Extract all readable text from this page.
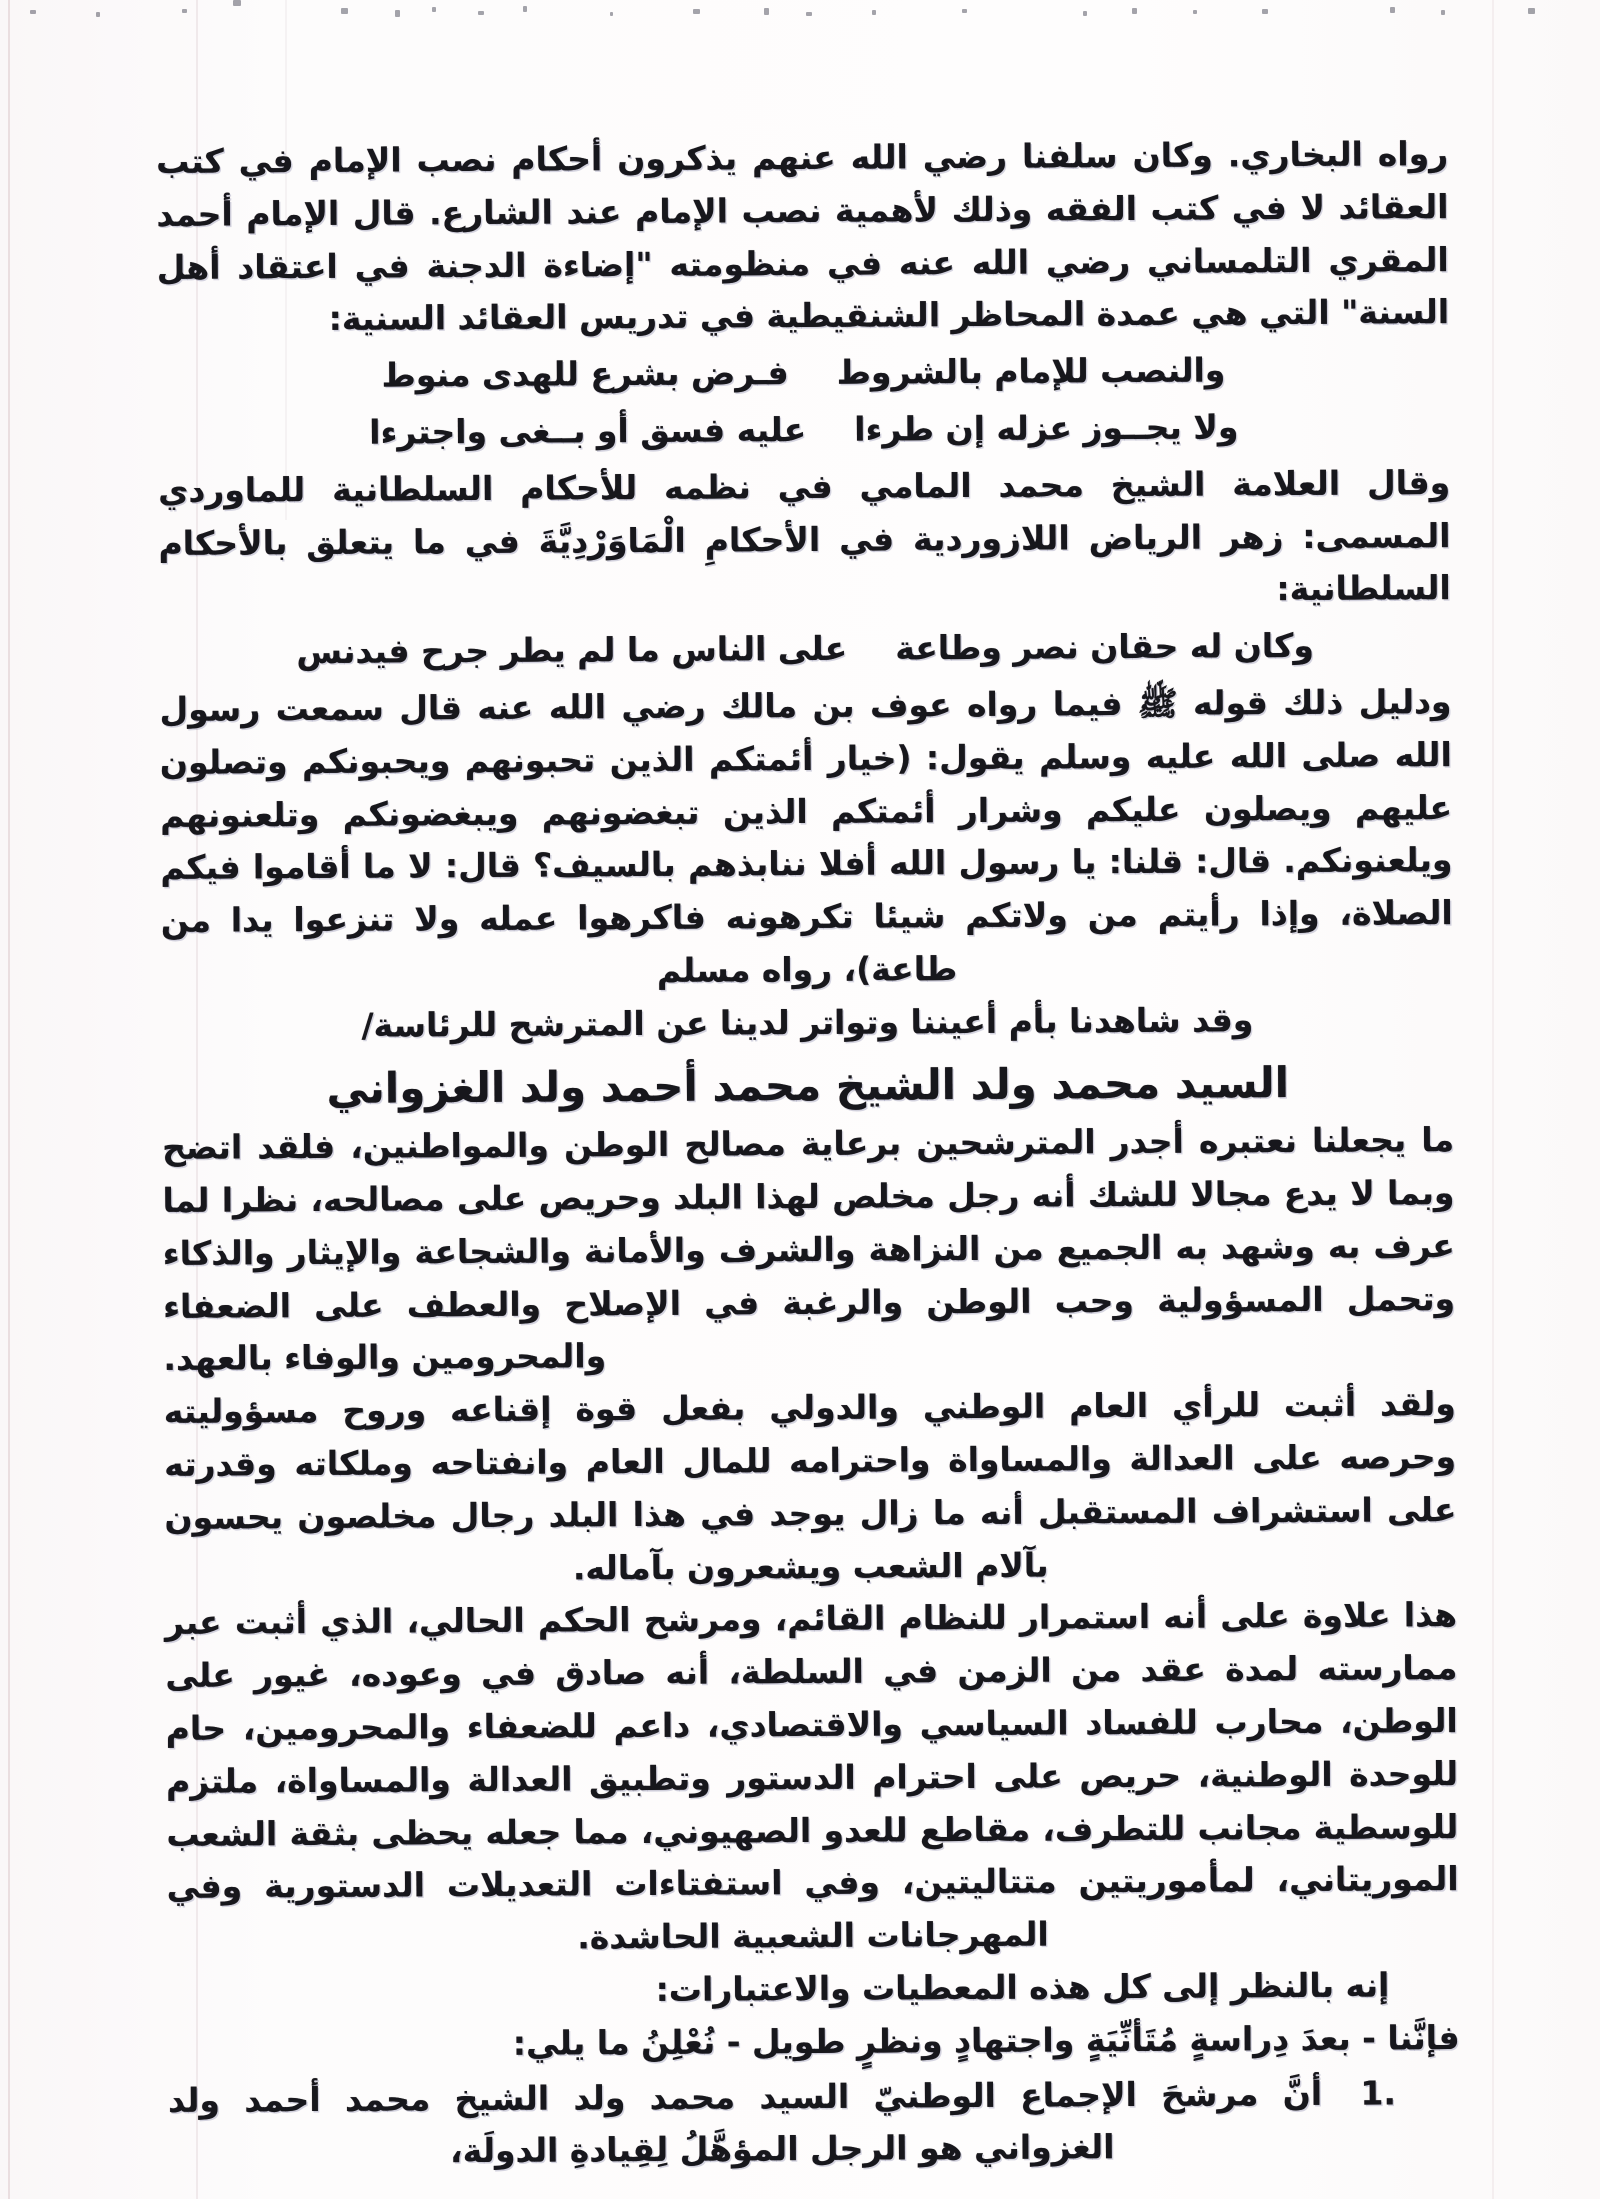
رواه البخاري. وكان سلفنا رضي الله عنهم يذكرون أحكام نصب الإمام في كتب العقائد لا في كتب الفقه وذلك لأهمية نصب الإمام عند الشارع. قال الإمام أحمد المقري التلمساني رضي الله عنه في منظومته "إضاءة الدجنة في اعتقاد أهل السنة" التي هي عمدة المحاظر الشنقيطية في تدريس العقائد السنية:

والنصب للإمام بالشروط
فـرض بشرع للهدى منوط
ولا يجــوز عزله إن طرءا
عليه فسق أو بــغى واجترءا

وقال العلامة الشيخ محمد المامي في نظمه للأحكام السلطانية للماوردي المسمى: زهر الرياض اللازوردية في الأحكامِ الْمَاوَرْدِيَّةَ في ما يتعلق بالأحكام السلطانية:

وكان له حقان نصر وطاعة
على الناس ما لم يطر جرح فيدنس

ودليل ذلك قوله ﷺ فيما رواه عوف بن مالك رضي الله عنه قال سمعت رسول الله صلى الله عليه وسلم يقول: (خيار أئمتكم الذين تحبونهم ويحبونكم وتصلون عليهم ويصلون عليكم وشرار أئمتكم الذين تبغضونهم ويبغضونكم وتلعنونهم ويلعنونكم. قال: قلنا: يا رسول الله أفلا ننابذهم بالسيف؟ قال: لا ما أقاموا فيكم الصلاة، وإذا رأيتم من ولاتكم شيئا تكرهونه فاكرهوا عمله ولا تنزعوا يدا من طاعة)، رواه مسلم

وقد شاهدنا بأم أعيننا وتواتر لدينا عن المترشح للرئاسة/

السيد محمد ولد الشيخ محمد أحمد ولد الغزواني

ما يجعلنا نعتبره أجدر المترشحين برعاية مصالح الوطن والمواطنين، فلقد اتضح وبما لا يدع مجالا للشك أنه رجل مخلص لهذا البلد وحريص على مصالحه، نظرا لما عرف به وشهد به الجميع من النزاهة والشرف والأمانة والشجاعة والإيثار والذكاء وتحمل المسؤولية وحب الوطن والرغبة في الإصلاح والعطف على الضعفاء والمحرومين والوفاء بالعهد.

ولقد أثبت للرأي العام الوطني والدولي بفعل قوة إقناعه وروح مسؤوليته وحرصه على العدالة والمساواة واحترامه للمال العام وانفتاحه وملكاته وقدرته على استشراف المستقبل أنه ما زال يوجد في هذا البلد رجال مخلصون يحسون بآلام الشعب ويشعرون بآماله.

هذا علاوة على أنه استمرار للنظام القائم، ومرشح الحكم الحالي، الذي أثبت عبر ممارسته لمدة عقد من الزمن في السلطة، أنه صادق في وعوده، غيور على الوطن، محارب للفساد السياسي والاقتصادي، داعم للضعفاء والمحرومين، حام للوحدة الوطنية، حريص على احترام الدستور وتطبيق العدالة والمساواة، ملتزم للوسطية مجانب للتطرف، مقاطع للعدو الصهيوني، مما جعله يحظى بثقة الشعب الموريتاني، لمأموريتين متتاليتين، وفي استفتاءات التعديلات الدستورية وفي المهرجانات الشعبية الحاشدة.

إنه بالنظر إلى كل هذه المعطيات والاعتبارات:

فإنَّنا - بعدَ دِراسةٍ مُتَأنِّيَةٍ واجتهادٍ ونظرٍ طويل - نُعْلِنُ ما يلي:

1. أنَّ مرشحَ الإجماع الوطنيّ السيد محمد ولد الشيخ محمد أحمد ولد الغزواني هو الرجل المؤهَّلُ لِقِيادةِ الدولَة،
